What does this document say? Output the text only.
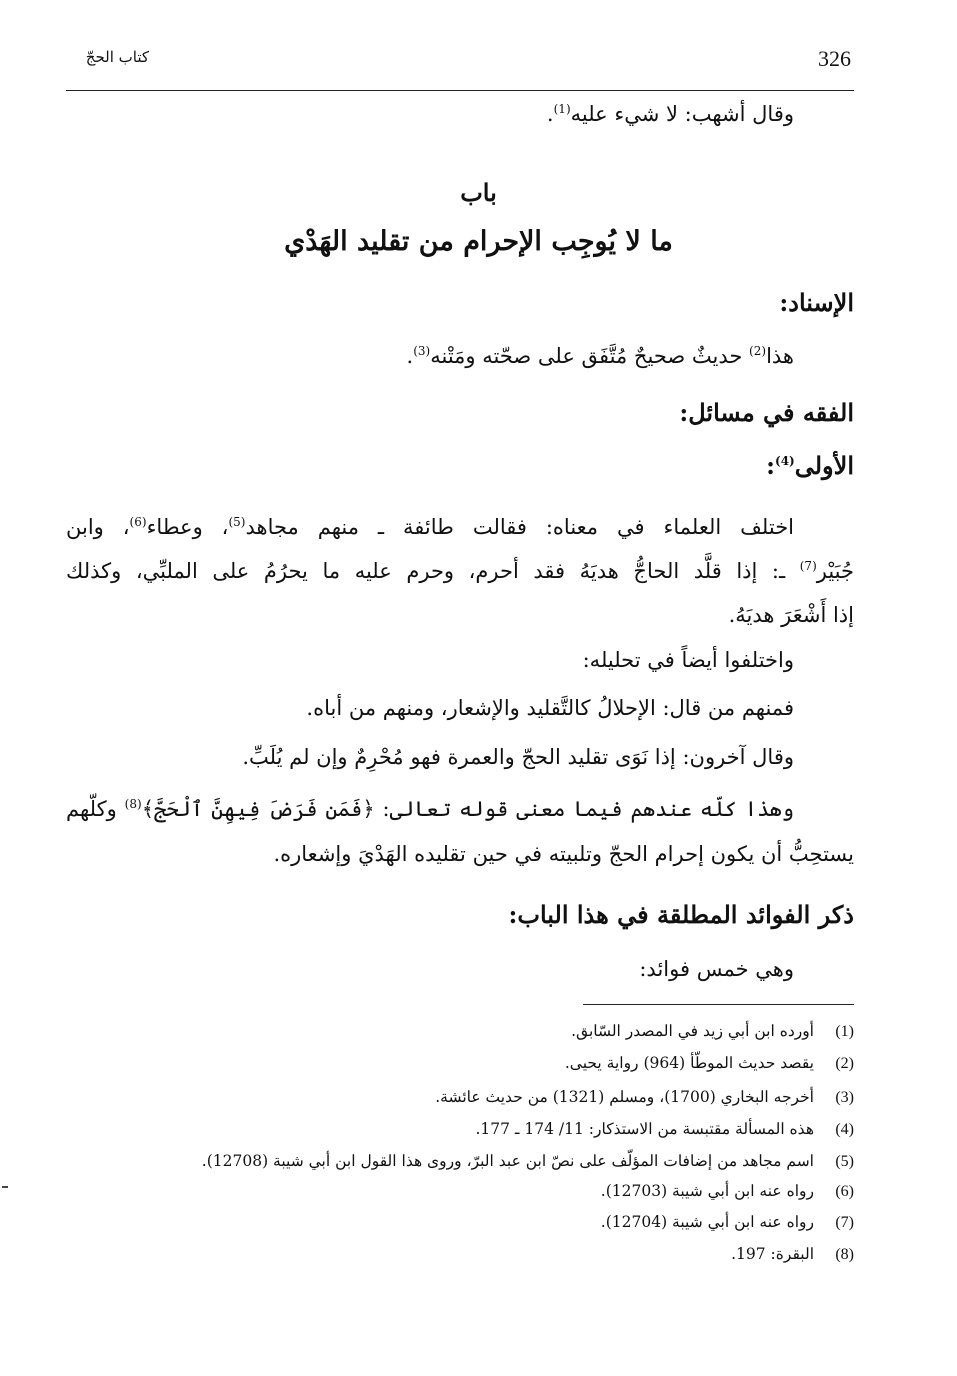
326
كتاب الحجّ
وقال أشهب: لا شيء عليه$^{(1)}$.
باب
ما لا يُوجِب الإحرام من تقليد الهَدْي
الإسناد:
هذا$^{(2)}$ حديثٌ صحيحٌ مُتَّفَق على صحّته ومَتْنه$^{(3)}$.
الفقه في مسائل:
الأولى$^{(4)}$:
اختلف العلماء في معناه: فقالت طائفة ـ منهم مجاهد$^{(5)}$، وعطاء$^{(6)}$، وابن
جُبَيْر$^{(7)}$ ـ: إذا قلَّد الحاجُّ هديَهُ فقد أحرم، وحرم عليه ما يحرُمُ على الملبِّي، وكذلك
إذا أَشْعَرَ هديَهُ.
واختلفوا أيضاً في تحليله:
فمنهم من قال: الإحلالُ كالتَّقليد والإشعار، ومنهم من أباه.
وقال آخرون: إذا نَوَى تقليد الحجّ والعمرة فهو مُحْرِمٌ وإن لم يُلَبِّ.
وهذا كلّه عندهم فيما معنى قوله تعالى: ﴿فَمَن فَرَضَ فِيهِنَّ ٱلْحَجَّ﴾$^{(8)}$ وكلّهم
يستحِبُّ أن يكون إحرام الحجّ وتلبيته في حين تقليده الهَدْيَ وإشعاره.
ذكر الفوائد المطلقة في هذا الباب:
وهي خمس فوائد:
(1)أورده ابن أبي زيد في المصدر السّابق.
(2)يقصد حديث الموطّأ (964) رواية يحيى.
(3)أخرجه البخاري (1700)، ومسلم (1321) من حديث عائشة.
(4)هذه المسألة مقتبسة من الاستذكار: 11/ 174 ـ 177.
(5)اسم مجاهد من إضافات المؤلّف على نصّ ابن عبد البرّ، وروى هذا القول ابن أبي شيبة (12708).
(6)رواه عنه ابن أبي شيبة (12703).
(7)رواه عنه ابن أبي شيبة (12704).
(8)البقرة: 197.
